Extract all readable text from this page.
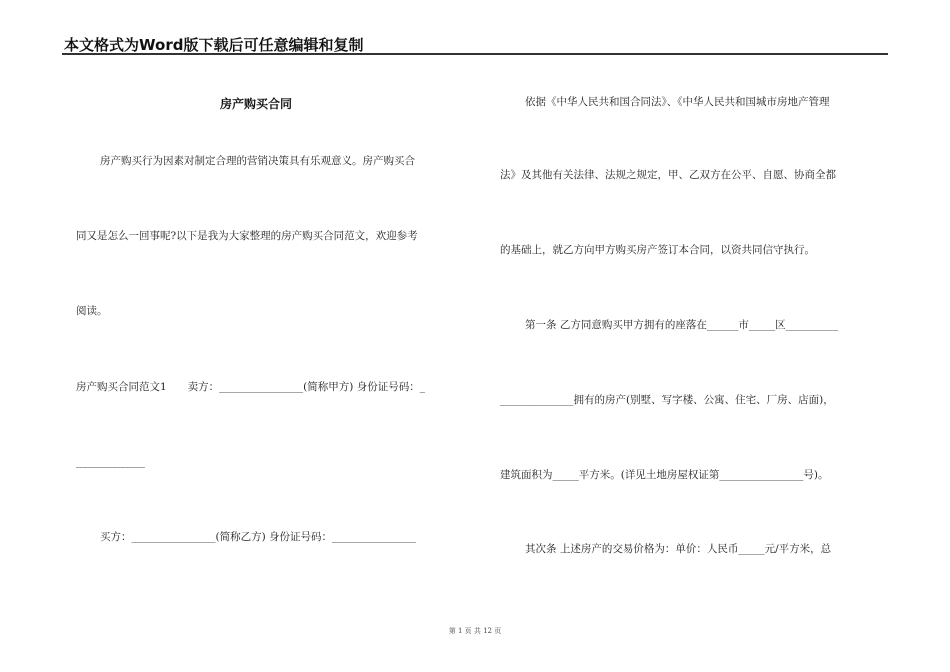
本文格式为Word版下载后可任意编辑和复制
房产购买合同
房产购买行为因素对制定合理的营销决策具有乐观意义。房产购买合
同又是怎么一回事呢?以下是我为大家整理的房产购买合同范文，欢迎参考
阅读。
房产购买合同范文1　　卖方：________________(简称甲方) 身份证号码：_
________________
买方：________________(简称乙方) 身份证号码：________________
依据《中华人民共和国合同法》、《中华人民共和国城市房地产管理
法》及其他有关法律、法规之规定，甲、乙双方在公平、自愿、协商全都
的基础上，就乙方向甲方购买房产签订本合同，以资共同信守执行。
第一条 乙方同意购买甲方拥有的座落在______市_____区__________
______________拥有的房产(别墅、写字楼、公寓、住宅、厂房、店面)，
建筑面积为_____平方米。(详见土地房屋权证第________________号)。
其次条 上述房产的交易价格为：单价：人民币_____元/平方米，总
第 1 页 共 12 页
